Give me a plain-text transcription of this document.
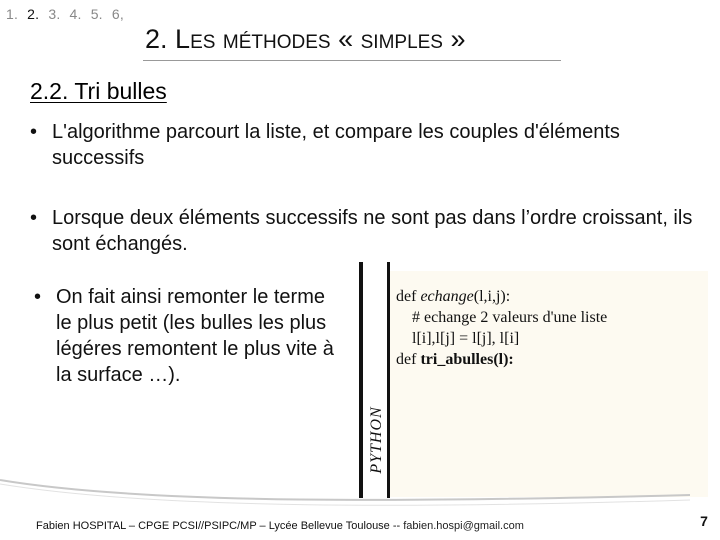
1. 2. 3. 4. 5. 6,
2. Les méthodes « simples »
2.2. Tri bulles
• L'algorithme parcourt la liste, et compare les couples d'éléments successifs
• Lorsque deux éléments successifs ne sont pas dans l’ordre croissant, ils sont échangés.
• On fait ainsi remonter le terme le plus petit (les bulles les plus légéres remontent le plus vite à la surface …).
PYTHON
def echange(l,i,j):
# echange 2 valeurs d'une liste
l[i],l[j] = l[j], l[i]
def tri_abulles(l):
Fabien HOSPITAL – CPGE PCSI//PSIPC/MP – Lycée Bellevue Toulouse -- fabien.hospi@gmail.com	7
